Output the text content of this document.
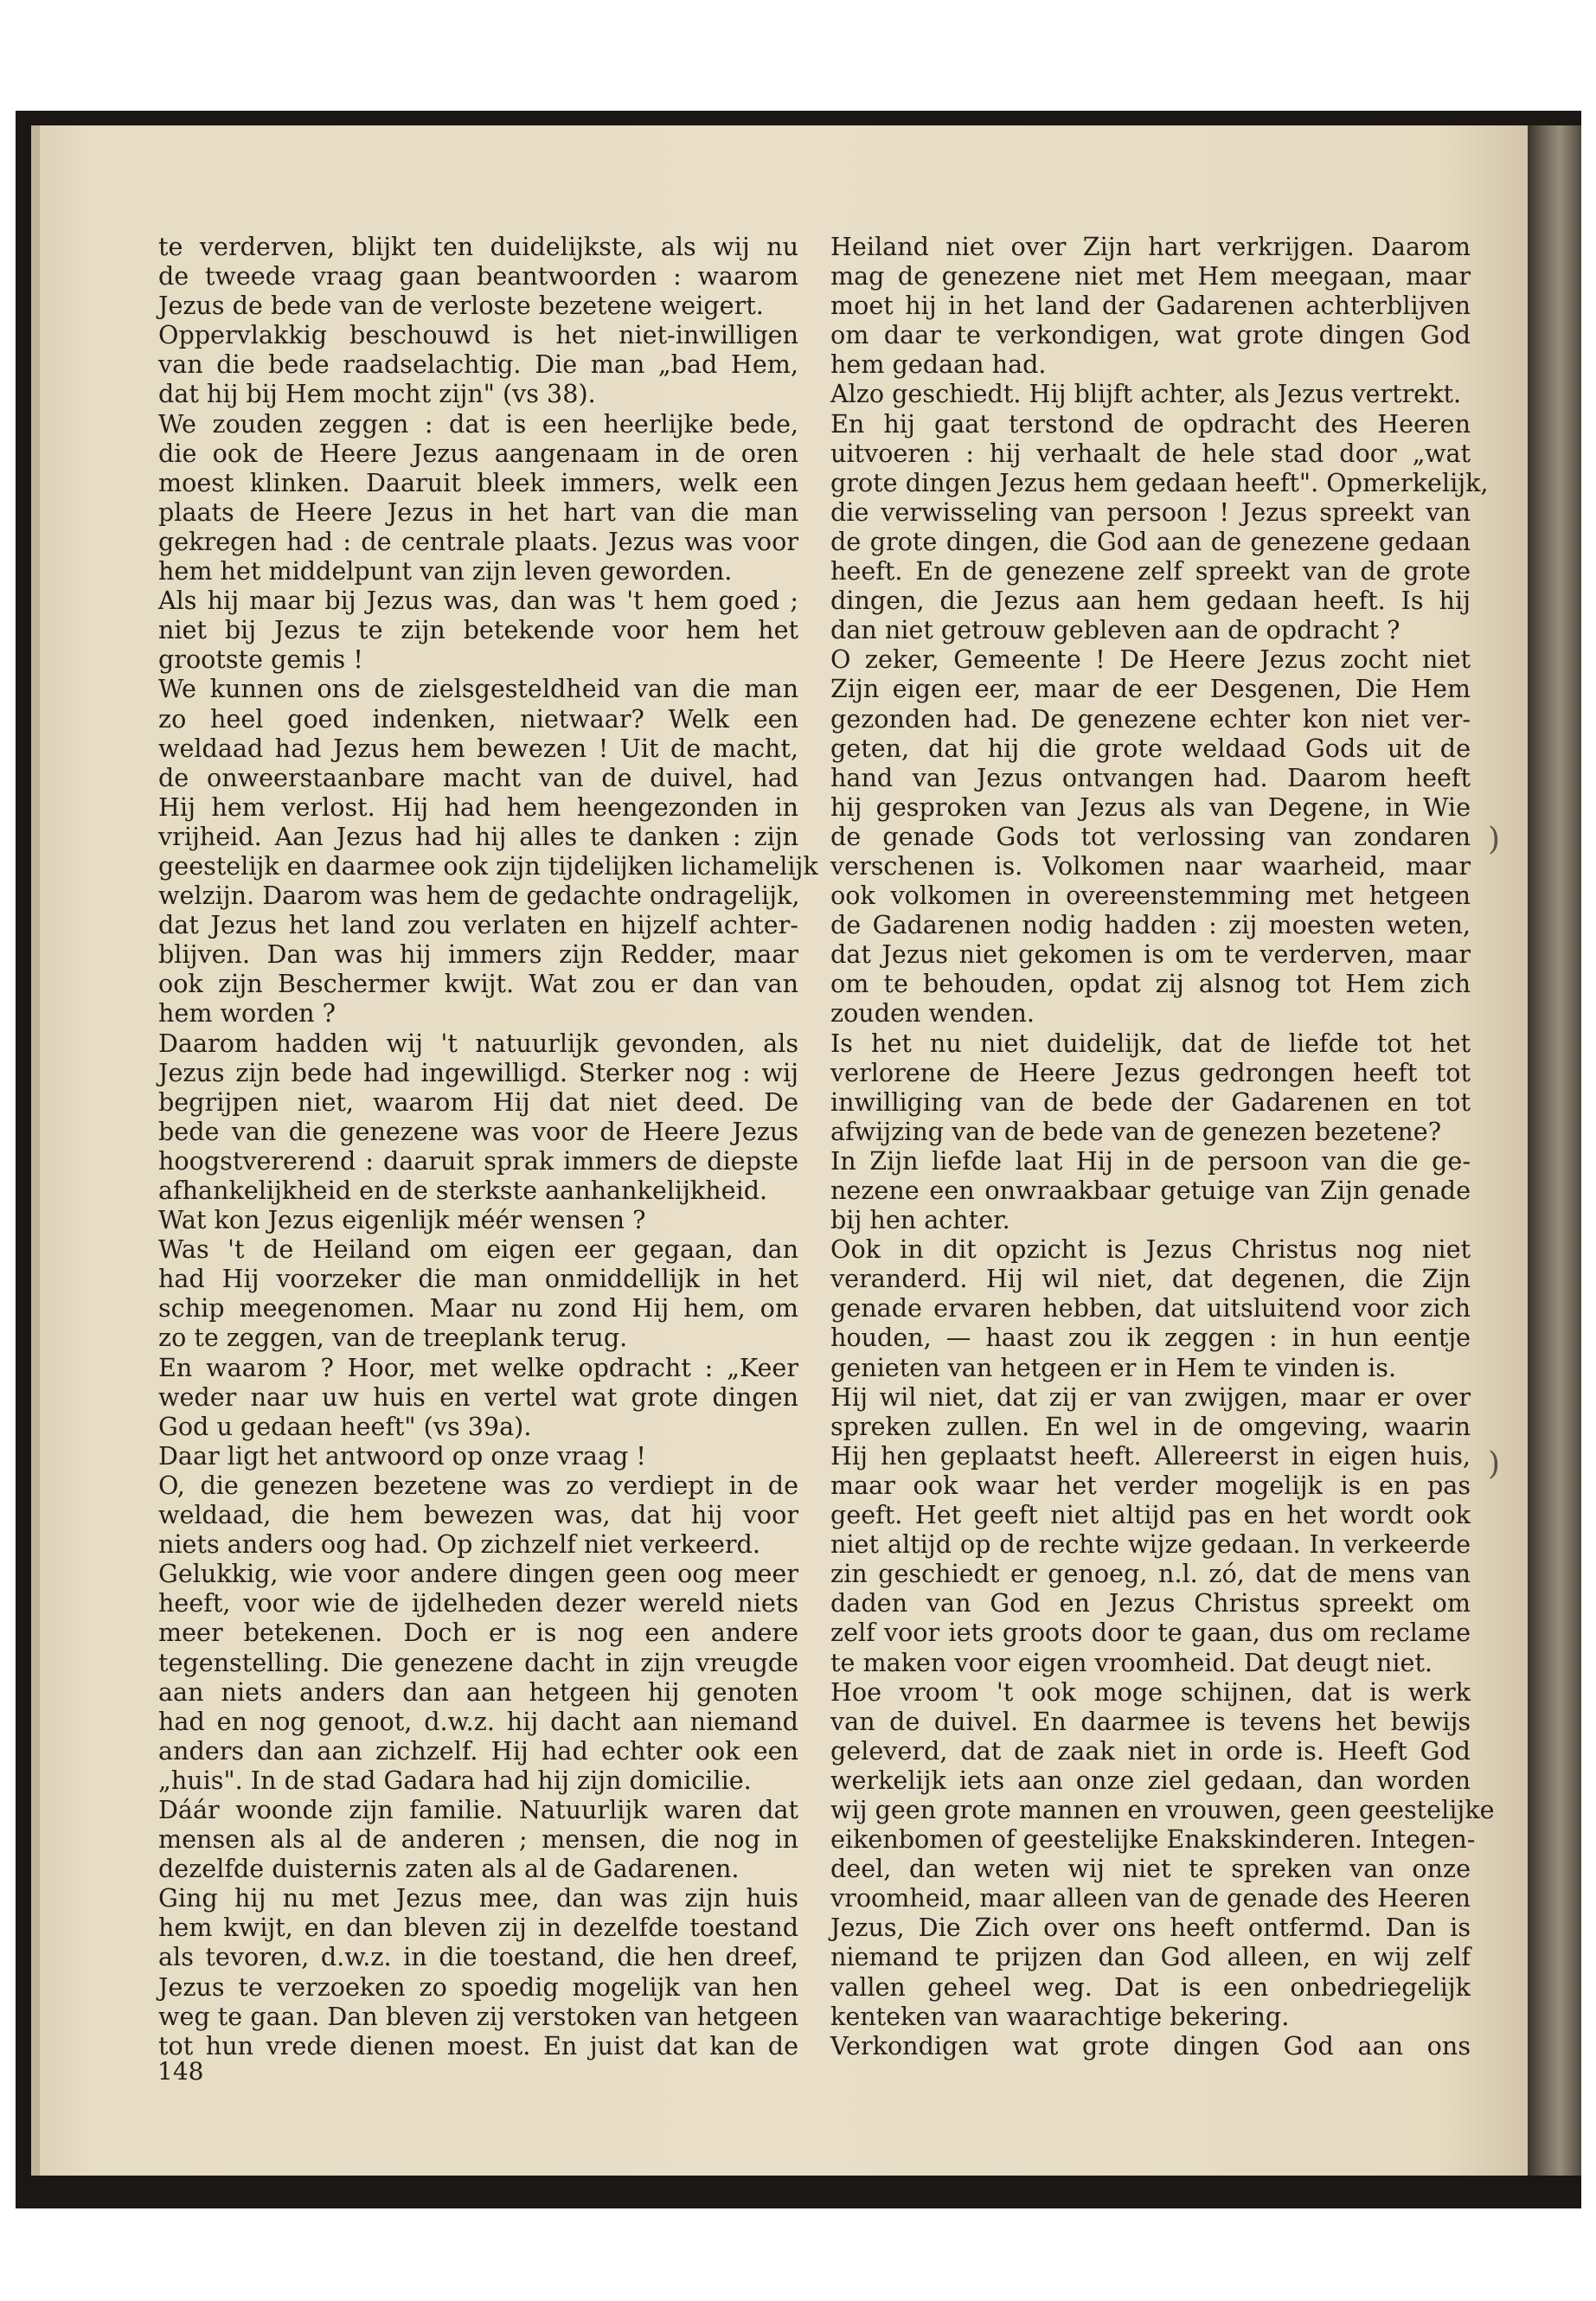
te verderven, blijkt ten duidelijkste, als wij nu
de tweede vraag gaan beantwoorden : waarom
Jezus de bede van de verloste bezetene weigert.
Oppervlakkig beschouwd is het niet-inwilligen
van die bede raadselachtig. Die man „bad Hem,
dat hij bij Hem mocht zijn" (vs 38).
We zouden zeggen : dat is een heerlijke bede,
die ook de Heere Jezus aangenaam in de oren
moest klinken. Daaruit bleek immers, welk een
plaats de Heere Jezus in het hart van die man
gekregen had : de centrale plaats. Jezus was voor
hem het middelpunt van zijn leven geworden.
Als hij maar bij Jezus was, dan was 't hem goed ;
niet bij Jezus te zijn betekende voor hem het
grootste gemis !
We kunnen ons de zielsgesteldheid van die man
zo heel goed indenken, nietwaar? Welk een
weldaad had Jezus hem bewezen ! Uit de macht,
de onweerstaanbare macht van de duivel, had
Hij hem verlost. Hij had hem heengezonden in
vrijheid. Aan Jezus had hij alles te danken : zijn
geestelijk en daarmee ook zijn tijdelijken lichamelijk
welzijn. Daarom was hem de gedachte ondragelijk,
dat Jezus het land zou verlaten en hijzelf achter-
blijven. Dan was hij immers zijn Redder, maar
ook zijn Beschermer kwijt. Wat zou er dan van
hem worden ?
Daarom hadden wij 't natuurlijk gevonden, als
Jezus zijn bede had ingewilligd. Sterker nog : wij
begrijpen niet, waarom Hij dat niet deed. De
bede van die genezene was voor de Heere Jezus
hoogstvererend : daaruit sprak immers de diepste
afhankelijkheid en de sterkste aanhankelijkheid.
Wat kon Jezus eigenlijk méér wensen ?
Was 't de Heiland om eigen eer gegaan, dan
had Hij voorzeker die man onmiddellijk in het
schip meegenomen. Maar nu zond Hij hem, om
zo te zeggen, van de treeplank terug.
En waarom ? Hoor, met welke opdracht : „Keer
weder naar uw huis en vertel wat grote dingen
God u gedaan heeft" (vs 39a).
Daar ligt het antwoord op onze vraag !
O, die genezen bezetene was zo verdiept in de
weldaad, die hem bewezen was, dat hij voor
niets anders oog had. Op zichzelf niet verkeerd.
Gelukkig, wie voor andere dingen geen oog meer
heeft, voor wie de ijdelheden dezer wereld niets
meer betekenen. Doch er is nog een andere
tegenstelling. Die genezene dacht in zijn vreugde
aan niets anders dan aan hetgeen hij genoten
had en nog genoot, d.w.z. hij dacht aan niemand
anders dan aan zichzelf. Hij had echter ook een
„huis". In de stad Gadara had hij zijn domicilie.
Dáár woonde zijn familie. Natuurlijk waren dat
mensen als al de anderen ; mensen, die nog in
dezelfde duisternis zaten als al de Gadarenen.
Ging hij nu met Jezus mee, dan was zijn huis
hem kwijt, en dan bleven zij in dezelfde toestand
als tevoren, d.w.z. in die toestand, die hen dreef,
Jezus te verzoeken zo spoedig mogelijk van hen
weg te gaan. Dan bleven zij verstoken van hetgeen
tot hun vrede dienen moest. En juist dat kan de
Heiland niet over Zijn hart verkrijgen. Daarom
mag de genezene niet met Hem meegaan, maar
moet hij in het land der Gadarenen achterblijven
om daar te verkondigen, wat grote dingen God
hem gedaan had.
Alzo geschiedt. Hij blijft achter, als Jezus vertrekt.
En hij gaat terstond de opdracht des Heeren
uitvoeren : hij verhaalt de hele stad door „wat
grote dingen Jezus hem gedaan heeft". Opmerkelijk,
die verwisseling van persoon ! Jezus spreekt van
de grote dingen, die God aan de genezene gedaan
heeft. En de genezene zelf spreekt van de grote
dingen, die Jezus aan hem gedaan heeft. Is hij
dan niet getrouw gebleven aan de opdracht ?
O zeker, Gemeente ! De Heere Jezus zocht niet
Zijn eigen eer, maar de eer Desgenen, Die Hem
gezonden had. De genezene echter kon niet ver-
geten, dat hij die grote weldaad Gods uit de
hand van Jezus ontvangen had. Daarom heeft
hij gesproken van Jezus als van Degene, in Wie
de genade Gods tot verlossing van zondaren
verschenen is. Volkomen naar waarheid, maar
ook volkomen in overeenstemming met hetgeen
de Gadarenen nodig hadden : zij moesten weten,
dat Jezus niet gekomen is om te verderven, maar
om te behouden, opdat zij alsnog tot Hem zich
zouden wenden.
Is het nu niet duidelijk, dat de liefde tot het
verlorene de Heere Jezus gedrongen heeft tot
inwilliging van de bede der Gadarenen en tot
afwijzing van de bede van de genezen bezetene?
In Zijn liefde laat Hij in de persoon van die ge-
nezene een onwraakbaar getuige van Zijn genade
bij hen achter.
Ook in dit opzicht is Jezus Christus nog niet
veranderd. Hij wil niet, dat degenen, die Zijn
genade ervaren hebben, dat uitsluitend voor zich
houden, — haast zou ik zeggen : in hun eentje
genieten van hetgeen er in Hem te vinden is.
Hij wil niet, dat zij er van zwijgen, maar er over
spreken zullen. En wel in de omgeving, waarin
Hij hen geplaatst heeft. Allereerst in eigen huis,
maar ook waar het verder mogelijk is en pas
geeft. Het geeft niet altijd pas en het wordt ook
niet altijd op de rechte wijze gedaan. In verkeerde
zin geschiedt er genoeg, n.l. zó, dat de mens van
daden van God en Jezus Christus spreekt om
zelf voor iets groots door te gaan, dus om reclame
te maken voor eigen vroomheid. Dat deugt niet.
Hoe vroom 't ook moge schijnen, dat is werk
van de duivel. En daarmee is tevens het bewijs
geleverd, dat de zaak niet in orde is. Heeft God
werkelijk iets aan onze ziel gedaan, dan worden
wij geen grote mannen en vrouwen, geen geestelijke
eikenbomen of geestelijke Enakskinderen. Integen-
deel, dan weten wij niet te spreken van onze
vroomheid, maar alleen van de genade des Heeren
Jezus, Die Zich over ons heeft ontfermd. Dan is
niemand te prijzen dan God alleen, en wij zelf
vallen geheel weg. Dat is een onbedriegelijk
kenteken van waarachtige bekering.
Verkondigen wat grote dingen God aan ons
148
)
)
